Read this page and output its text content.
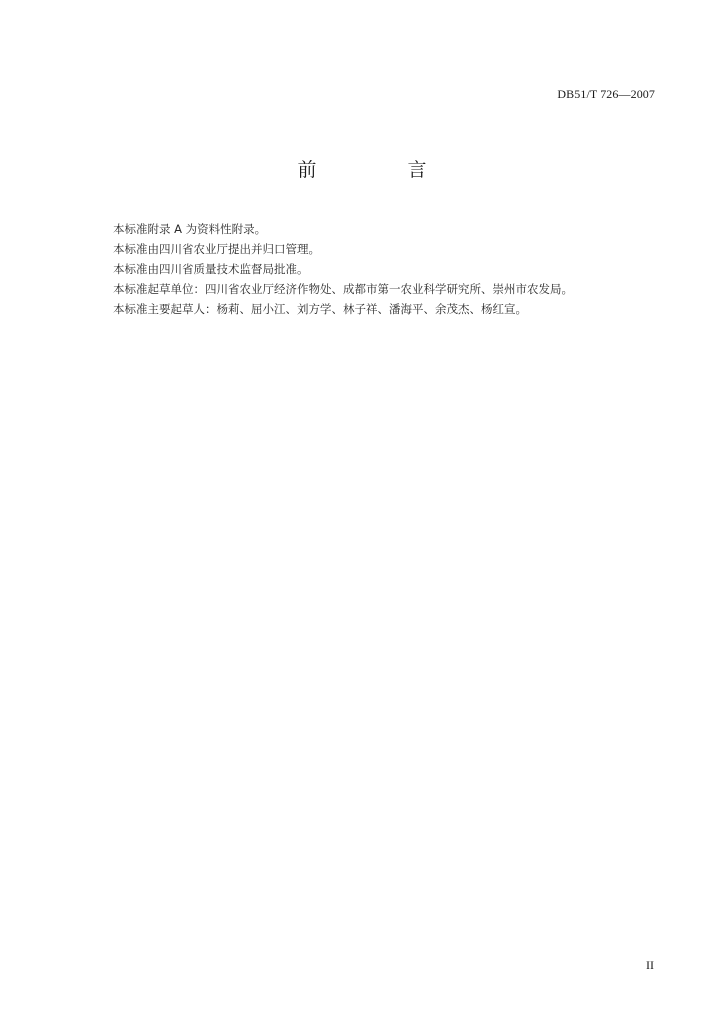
DB51/T 726—2007
前　言

本标准附录 A 为资料性附录。

本标准由四川省农业厅提出并归口管理。

本标准由四川省质量技术监督局批准。

本标准起草单位：四川省农业厅经济作物处、成都市第一农业科学研究所、崇州市农发局。

本标准主要起草人：杨莉、屈小江、刘方学、林子祥、潘海平、余茂杰、杨红宣。

II
